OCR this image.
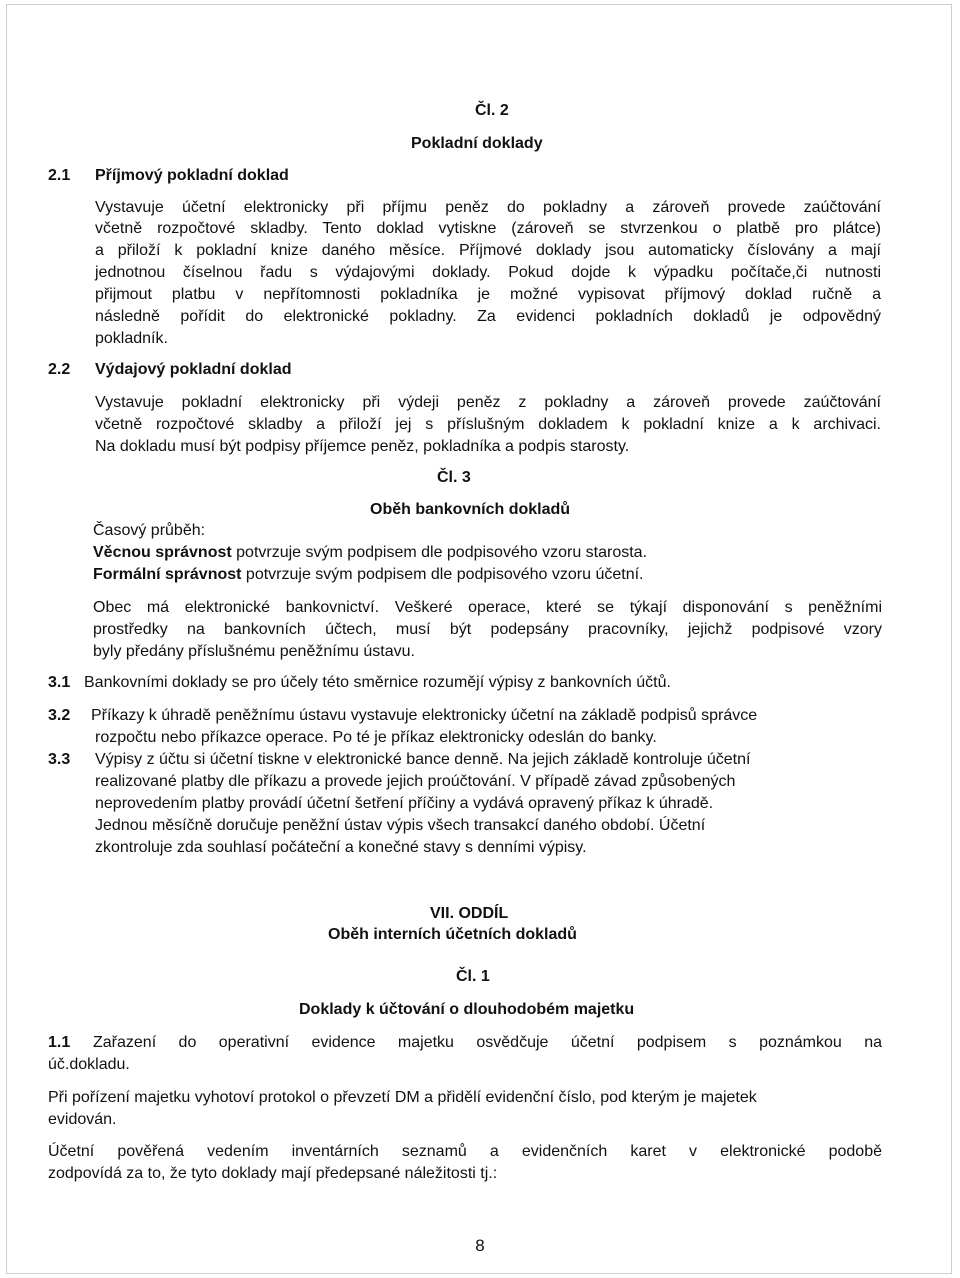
Čl. 2
Pokladní doklady
2.1 Příjmový pokladní doklad
Vystavuje účetní elektronicky při příjmu peněz do pokladny a zároveň provede zaúčtování
včetně rozpočtové skladby. Tento doklad vytiskne (zároveň se stvrzenkou o platbě pro plátce)
a přiloží k pokladní knize daného měsíce. Příjmové doklady jsou automaticky číslovány a mají
jednotnou číselnou řadu s výdajovými doklady. Pokud dojde k výpadku počítače,či nutnosti
přijmout platbu v nepřítomnosti pokladníka je možné vypisovat příjmový doklad ručně a
následně pořídit do elektronické pokladny. Za evidenci pokladních dokladů je odpovědný
pokladník.
2.2 Výdajový pokladní doklad
Vystavuje pokladní elektronicky při výdeji peněz z pokladny a zároveň provede zaúčtování
včetně rozpočtové skladby a přiloží jej s příslušným dokladem k pokladní knize a k archivaci.
Na dokladu musí být podpisy příjemce peněz, pokladníka a podpis starosty.
Čl. 3
Oběh bankovních dokladů
Časový průběh:
Věcnou správnost potvrzuje svým podpisem dle podpisového vzoru starosta.
Formální správnost potvrzuje svým podpisem dle podpisového vzoru účetní.
Obec má elektronické bankovnictví. Veškeré operace, které se týkají disponování s peněžními
prostředky na bankovních účtech, musí být podepsány pracovníky, jejichž podpisové vzory
byly předány příslušnému peněžnímu ústavu.
3.1 Bankovními doklady se pro účely této směrnice rozumějí výpisy z bankovních účtů.
3.2 Příkazy k úhradě peněžnímu ústavu vystavuje elektronicky účetní na základě podpisů správce
rozpočtu nebo příkazce operace. Po té je příkaz elektronicky odeslán do banky.
3.3 Výpisy z účtu si účetní tiskne v elektronické bance denně. Na jejich základě kontroluje účetní
realizované platby dle příkazu a provede jejich proúčtování. V případě závad způsobených
neprovedením platby provádí účetní šetření příčiny a vydává opravený příkaz k úhradě.
Jednou měsíčně doručuje peněžní ústav výpis všech transakcí daného období. Účetní
zkontroluje zda souhlasí počáteční a konečné stavy s denními výpisy.
VII. ODDÍL
Oběh interních účetních dokladů
Čl. 1
Doklady k účtování o dlouhodobém majetku
1.1 Zařazení do operativní evidence majetku osvědčuje účetní podpisem s poznámkou na
úč.dokladu.
Při pořízení majetku vyhotoví protokol o převzetí DM a přidělí evidenční číslo, pod kterým je majetek
evidován.
Účetní pověřená vedením inventárních seznamů a evidenčních karet v elektronické podobě
zodpovídá za to, že tyto doklady mají předepsané náležitosti tj.:
8
